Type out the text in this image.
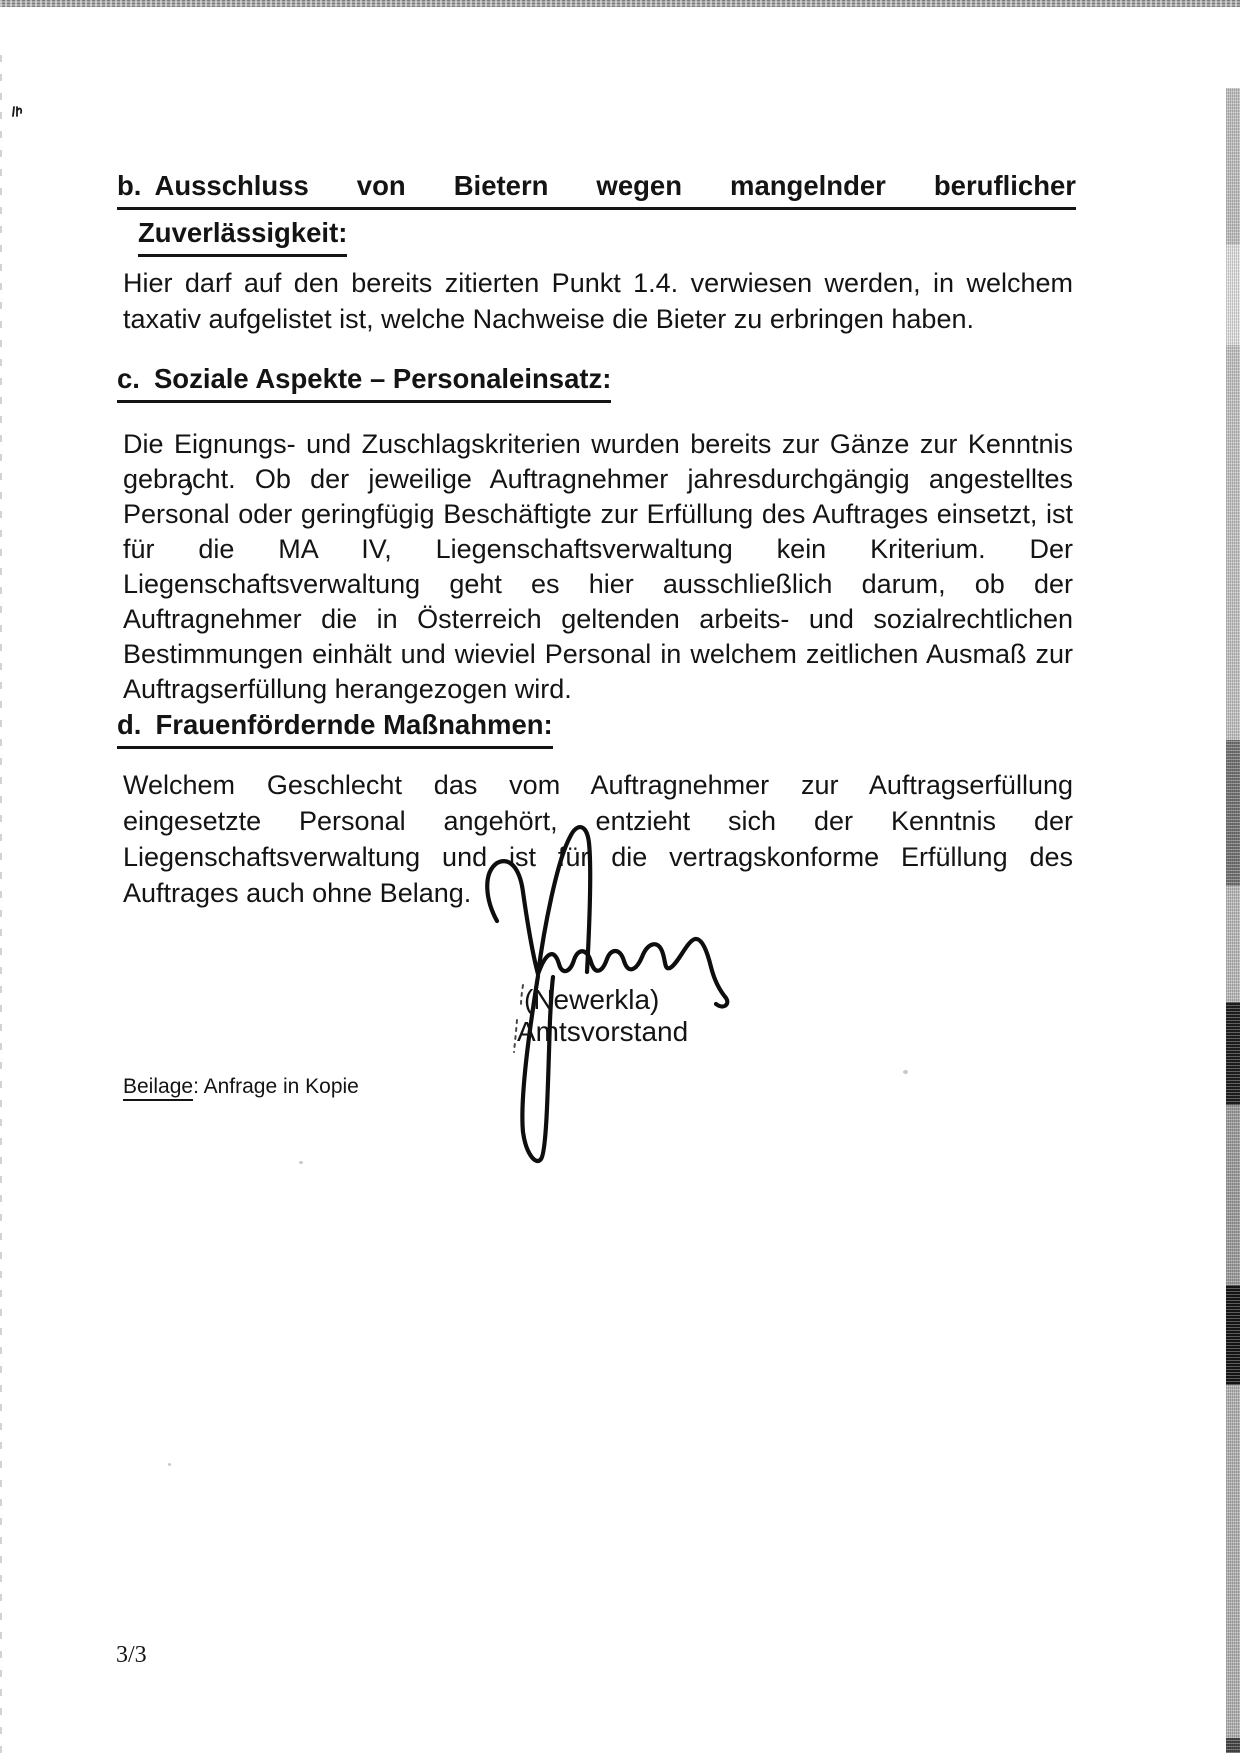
b. Ausschluss von Bietern wegen mangelnder beruflicher
Zuverlässigkeit:
Hier darf auf den bereits zitierten Punkt 1.4. verwiesen werden, in welchem
taxativ aufgelistet ist, welche Nachweise die Bieter zu erbringen haben.
c. Soziale Aspekte – Personaleinsatz:
Die Eignungs- und Zuschlagskriterien wurden bereits zur Gänze zur Kenntnis
gebracht. Ob der jeweilige Auftragnehmer jahresdurchgängig angestelltes
Personal oder geringfügig Beschäftigte zur Erfüllung des Auftrages einsetzt, ist
für die MA IV, Liegenschaftsverwaltung kein Kriterium. Der
Liegenschaftsverwaltung geht es hier ausschließlich darum, ob der
Auftragnehmer die in Österreich geltenden arbeits- und sozialrechtlichen
Bestimmungen einhält und wieviel Personal in welchem zeitlichen Ausmaß zur
Auftragserfüllung herangezogen wird.
d. Frauenfördernde Maßnahmen:
Welchem Geschlecht das vom Auftragnehmer zur Auftragserfüllung
eingesetzte Personal angehört, entzieht sich der Kenntnis der
Liegenschaftsverwaltung und ist für die vertragskonforme Erfüllung des
Auftrages auch ohne Belang.
(Newerkla)
Amtsvorstand
Beilage: Anfrage in Kopie
3/3
